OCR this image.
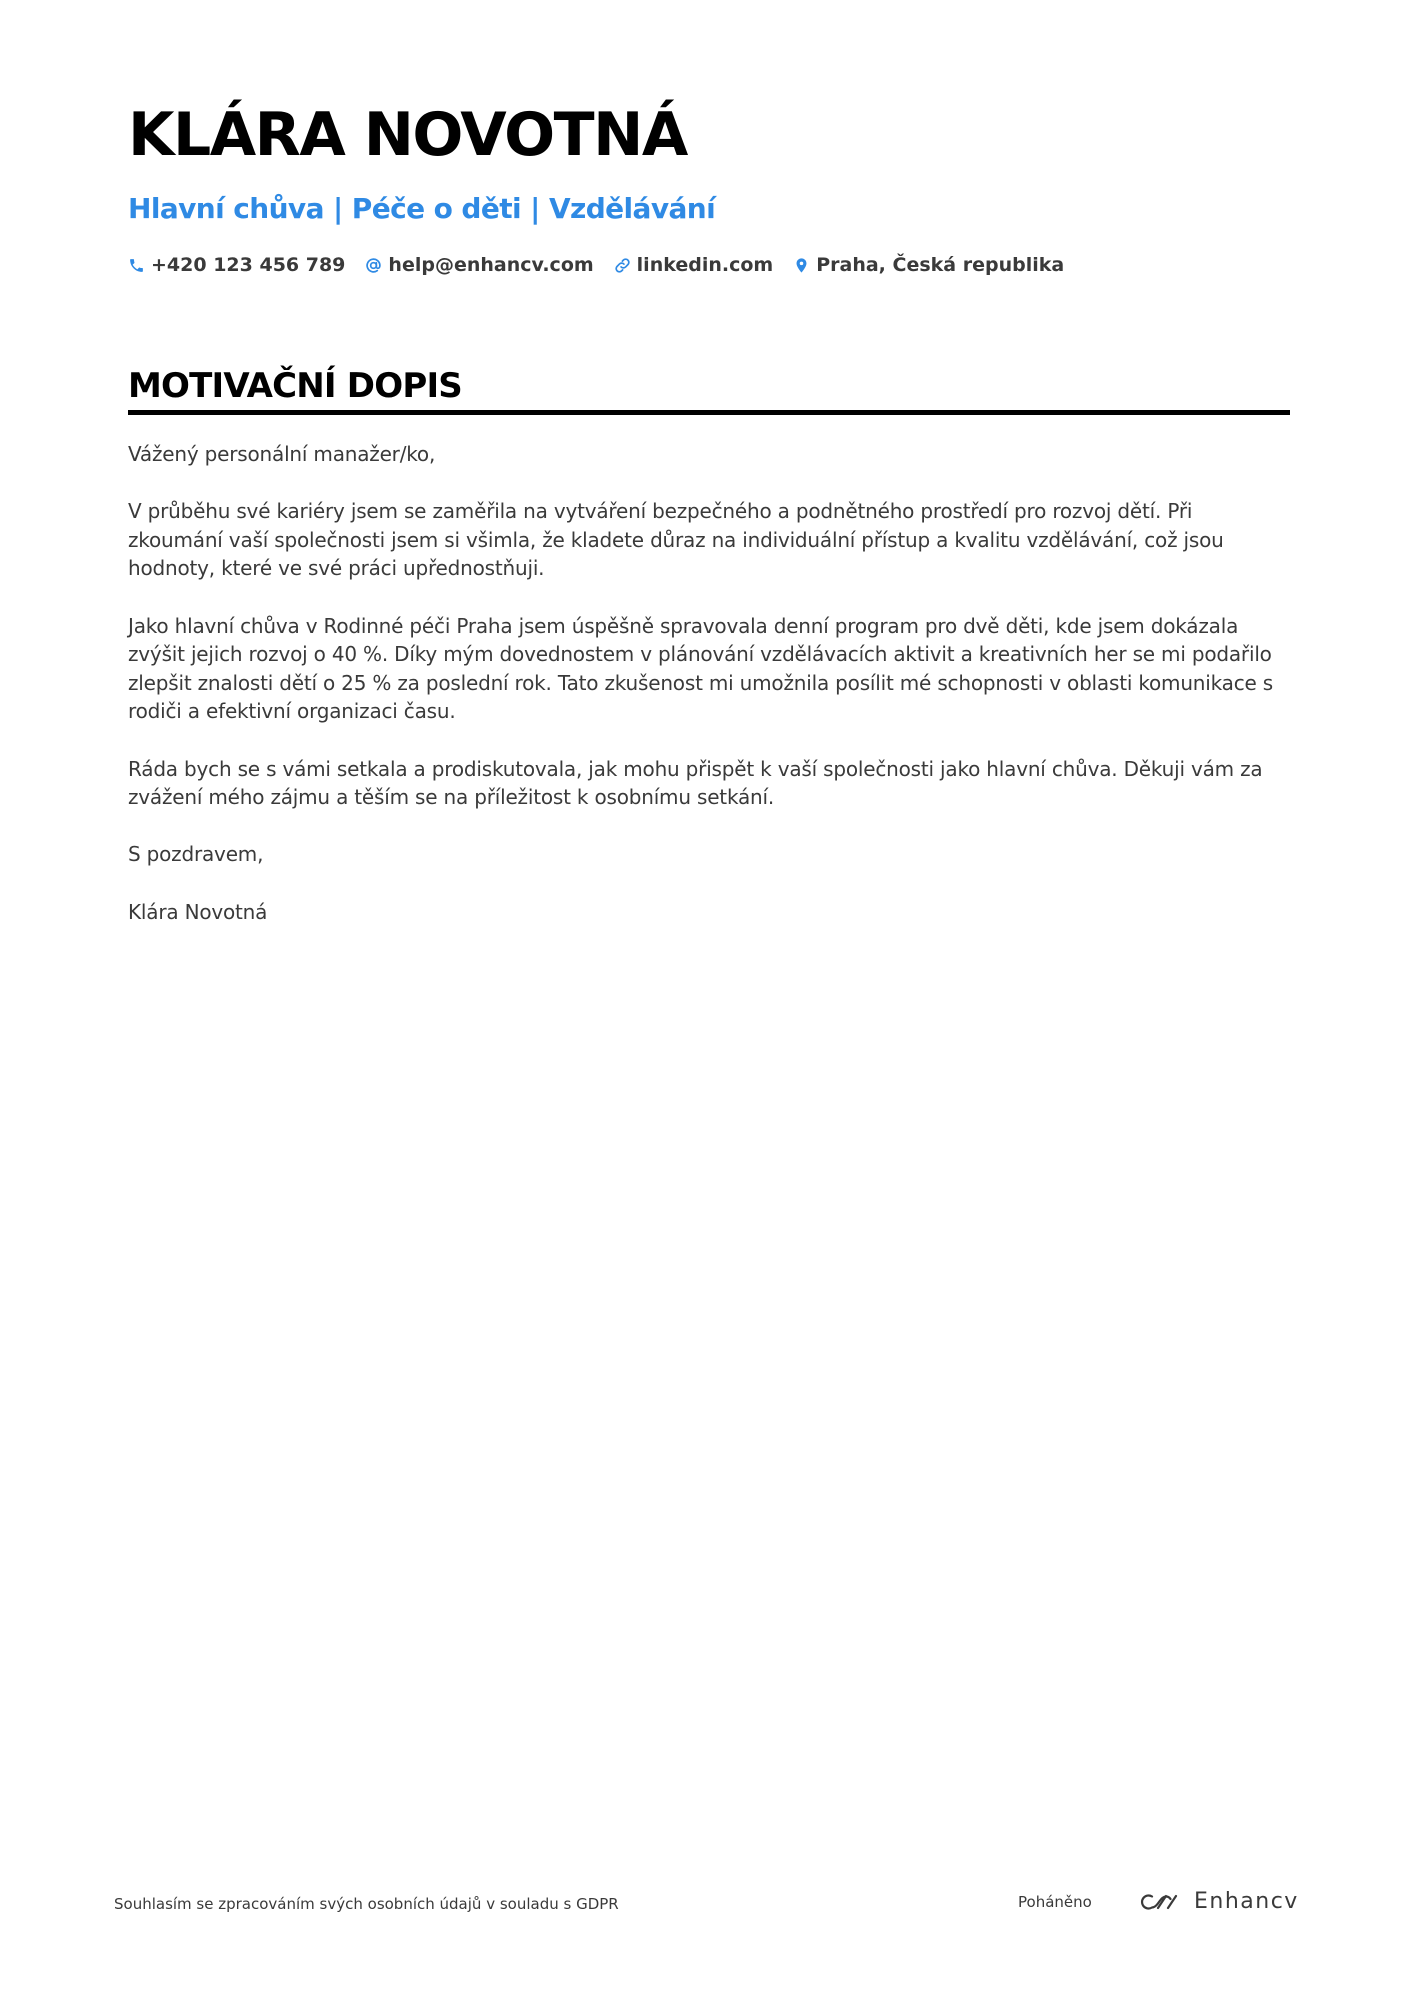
KLÁRA NOVOTNÁ
Hlavní chůva | Péče o děti | Vzdělávání
+420 123 456 789 help@enhancv.com linkedin.com Praha, Česká republika
MOTIVAČNÍ DOPIS

Vážený personální manažer/ko,

V průběhu své kariéry jsem se zaměřila na vytváření bezpečného a podnětného prostředí pro rozvoj dětí. Při zkoumání vaší společnosti jsem si všimla, že kladete důraz na individuální přístup a kvalitu vzdělávání, což jsou hodnoty, které ve své práci upřednostňuji.

Jako hlavní chůva v Rodinné péči Praha jsem úspěšně spravovala denní program pro dvě děti, kde jsem dokázala zvýšit jejich rozvoj o 40 %. Díky mým dovednostem v plánování vzdělávacích aktivit a kreativních her se mi podařilo zlepšit znalosti dětí o 25 % za poslední rok. Tato zkušenost mi umožnila posílit mé schopnosti v oblasti komunikace s rodiči a efektivní organizaci času.

Ráda bych se s vámi setkala a prodiskutovala, jak mohu přispět k vaší společnosti jako hlavní chůva. Děkuji vám za zvážení mého zájmu a těším se na příležitost k osobnímu setkání.

S pozdravem,

Klára Novotná

Souhlasím se zpracováním svých osobních údajů v souladu s GDPR	Poháněno	Enhancv
